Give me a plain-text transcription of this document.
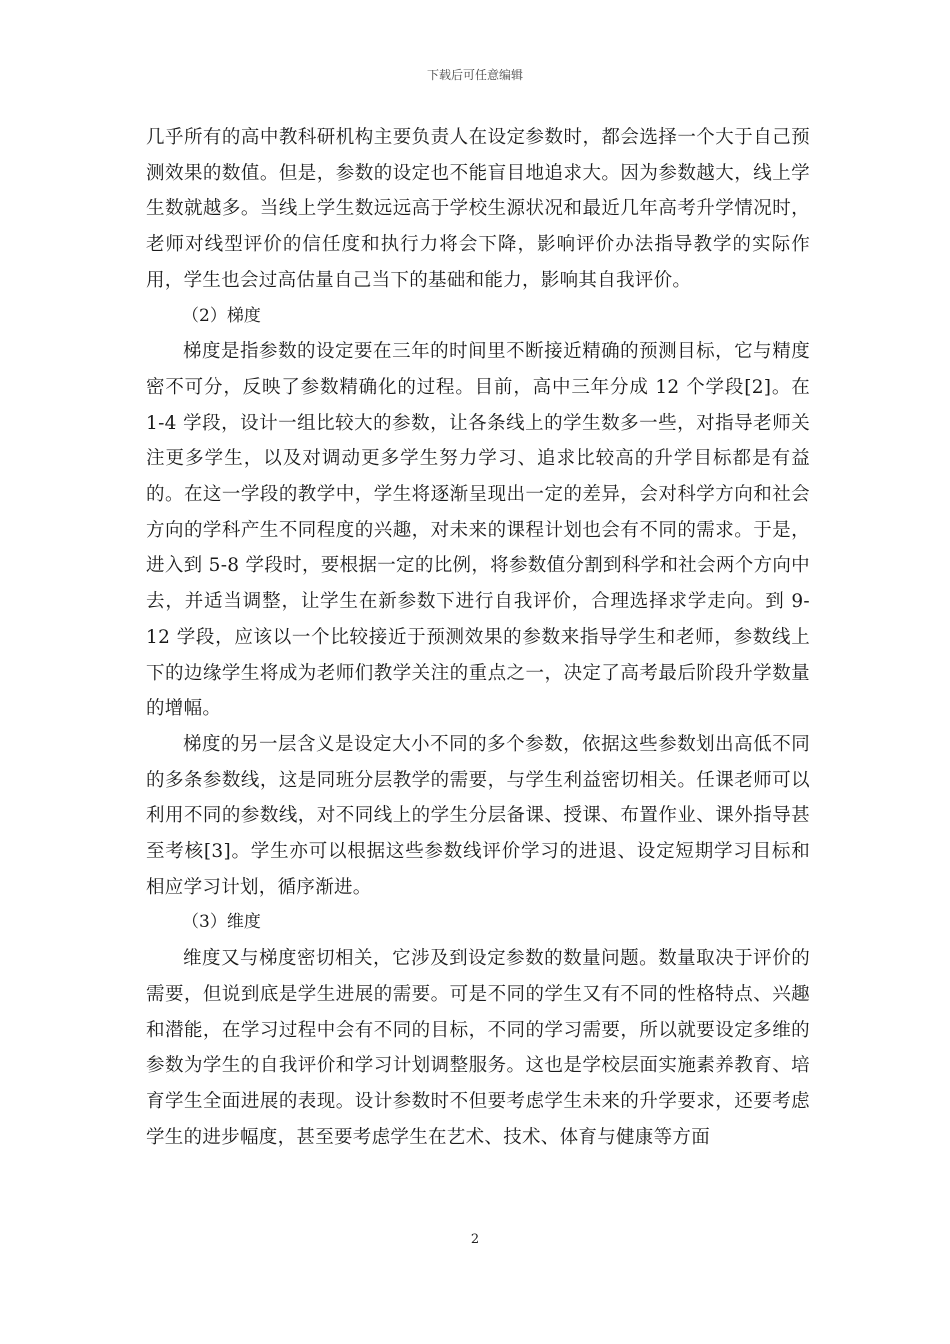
下载后可任意编辑

几乎所有的高中教科研机构主要负责人在设定参数时，都会选择一个大于自己预测效果的数值。但是，参数的设定也不能盲目地追求大。因为参数越大，线上学生数就越多。当线上学生数远远高于学校生源状况和最近几年高考升学情况时，老师对线型评价的信任度和执行力将会下降，影响评价办法指导教学的实际作用，学生也会过高估量自己当下的基础和能力，影响其自我评价。

（2）梯度

梯度是指参数的设定要在三年的时间里不断接近精确的预测目标，它与精度密不可分，反映了参数精确化的过程。目前，高中三年分成 12 个学段[2]。在 1-4 学段，设计一组比较大的参数，让各条线上的学生数多一些，对指导老师关注更多学生，以及对调动更多学生努力学习、追求比较高的升学目标都是有益的。在这一学段的教学中，学生将逐渐呈现出一定的差异，会对科学方向和社会方向的学科产生不同程度的兴趣，对未来的课程计划也会有不同的需求。于是，进入到 5-8 学段时，要根据一定的比例，将参数值分割到科学和社会两个方向中去，并适当调整，让学生在新参数下进行自我评价，合理选择求学走向。到 9-12 学段，应该以一个比较接近于预测效果的参数来指导学生和老师，参数线上下的边缘学生将成为老师们教学关注的重点之一，决定了高考最后阶段升学数量的增幅。

梯度的另一层含义是设定大小不同的多个参数，依据这些参数划出高低不同的多条参数线，这是同班分层教学的需要，与学生利益密切相关。任课老师可以利用不同的参数线，对不同线上的学生分层备课、授课、布置作业、课外指导甚至考核[3]。学生亦可以根据这些参数线评价学习的进退、设定短期学习目标和相应学习计划，循序渐进。

（3）维度

维度又与梯度密切相关，它涉及到设定参数的数量问题。数量取决于评价的需要，但说到底是学生进展的需要。可是不同的学生又有不同的性格特点、兴趣和潜能，在学习过程中会有不同的目标，不同的学习需要，所以就要设定多维的参数为学生的自我评价和学习计划调整服务。这也是学校层面实施素养教育、培育学生全面进展的表现。设计参数时不但要考虑学生未来的升学要求，还要考虑学生的进步幅度，甚至要考虑学生在艺术、技术、体育与健康等方面

2
